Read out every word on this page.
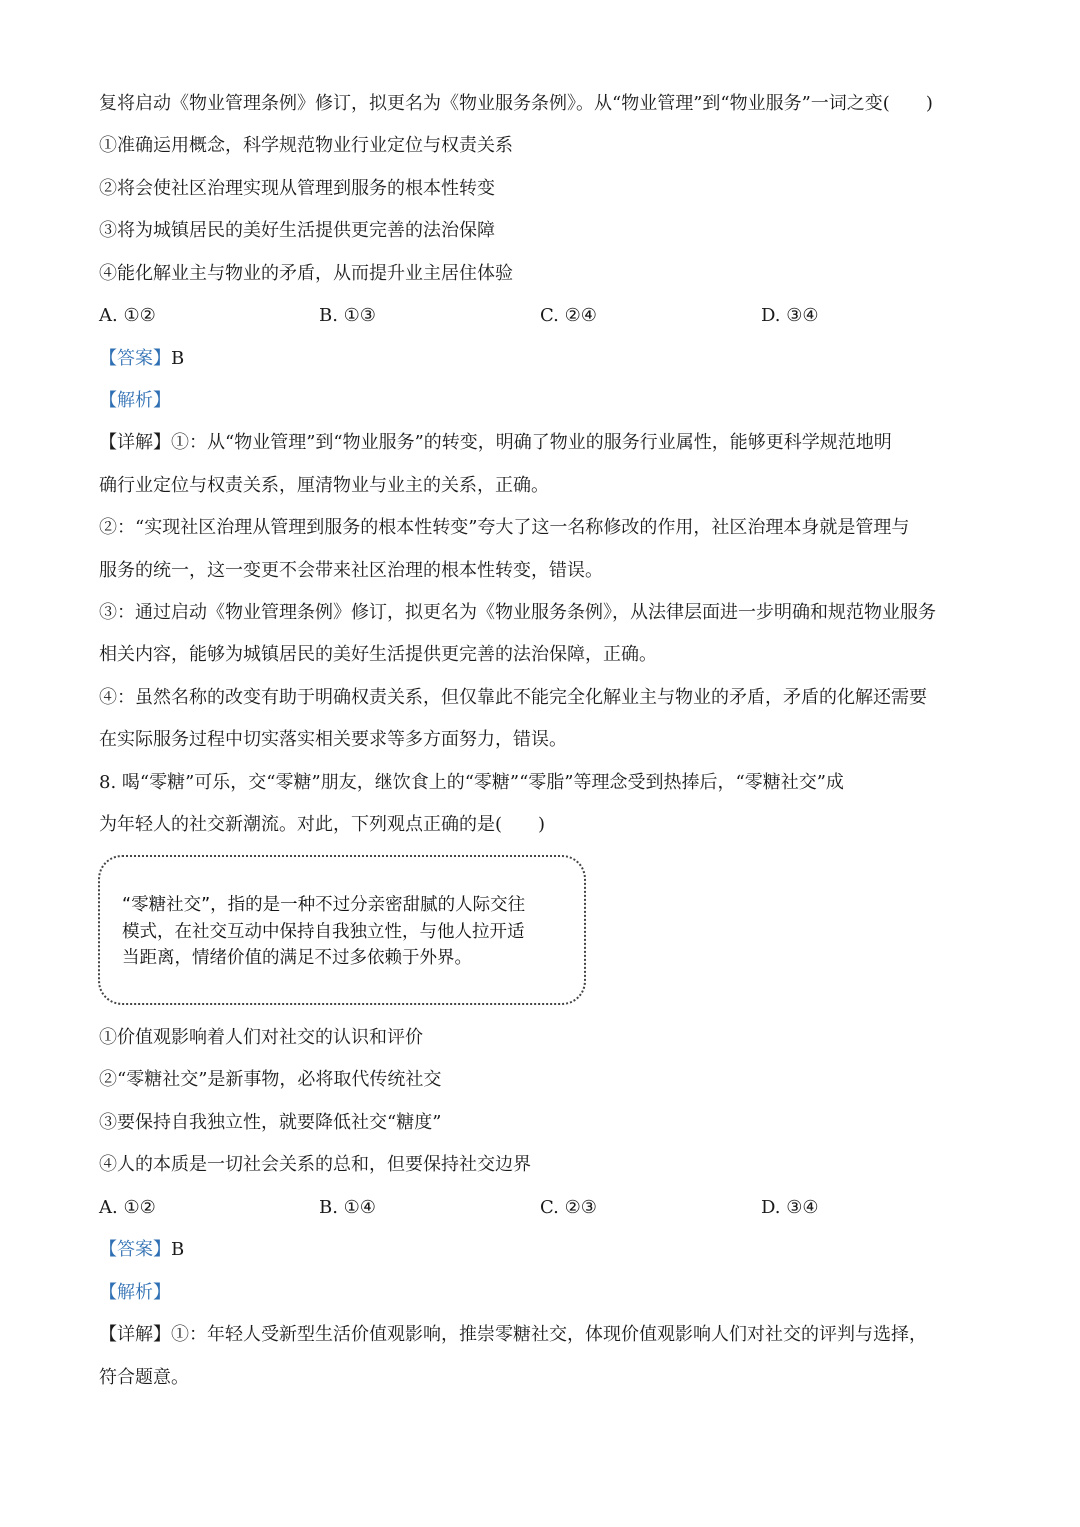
复将启动《物业管理条例》修订，拟更名为《物业服务条例》。从“物业管理”到“物业服务”一词之变(　　)
①准确运用概念，科学规范物业行业定位与权责关系
②将会使社区治理实现从管理到服务的根本性转变
③将为城镇居民的美好生活提供更完善的法治保障
④能化解业主与物业的矛盾，从而提升业主居住体验
A. ①②	B. ①③	C. ②④	D. ③④
【答案】B
【解析】
【详解】①：从“物业管理”到“物业服务”的转变，明确了物业的服务行业属性，能够更科学规范地明
确行业定位与权责关系，厘清物业与业主的关系，正确。
②：“实现社区治理从管理到服务的根本性转变”夸大了这一名称修改的作用，社区治理本身就是管理与
服务的统一，这一变更不会带来社区治理的根本性转变，错误。
③：通过启动《物业管理条例》修订，拟更名为《物业服务条例》，从法律层面进一步明确和规范物业服务
相关内容，能够为城镇居民的美好生活提供更完善的法治保障，正确。
④：虽然名称的改变有助于明确权责关系，但仅靠此不能完全化解业主与物业的矛盾，矛盾的化解还需要
在实际服务过程中切实落实相关要求等多方面努力，错误。
8. 喝“零糖”可乐，交“零糖”朋友，继饮食上的“零糖”“零脂”等理念受到热捧后，“零糖社交”成
为年轻人的社交新潮流。对此，下列观点正确的是(　　)
“零糖社交”，指的是一种不过分亲密甜腻的人际交往
模式，在社交互动中保持自我独立性，与他人拉开适
当距离，情绪价值的满足不过多依赖于外界。
①价值观影响着人们对社交的认识和评价
②“零糖社交”是新事物，必将取代传统社交
③要保持自我独立性，就要降低社交“糖度”
④人的本质是一切社会关系的总和，但要保持社交边界
A. ①②	B. ①④	C. ②③	D. ③④
【答案】B
【解析】
【详解】①：年轻人受新型生活价值观影响，推崇零糖社交，体现价值观影响人们对社交的评判与选择，
符合题意。
